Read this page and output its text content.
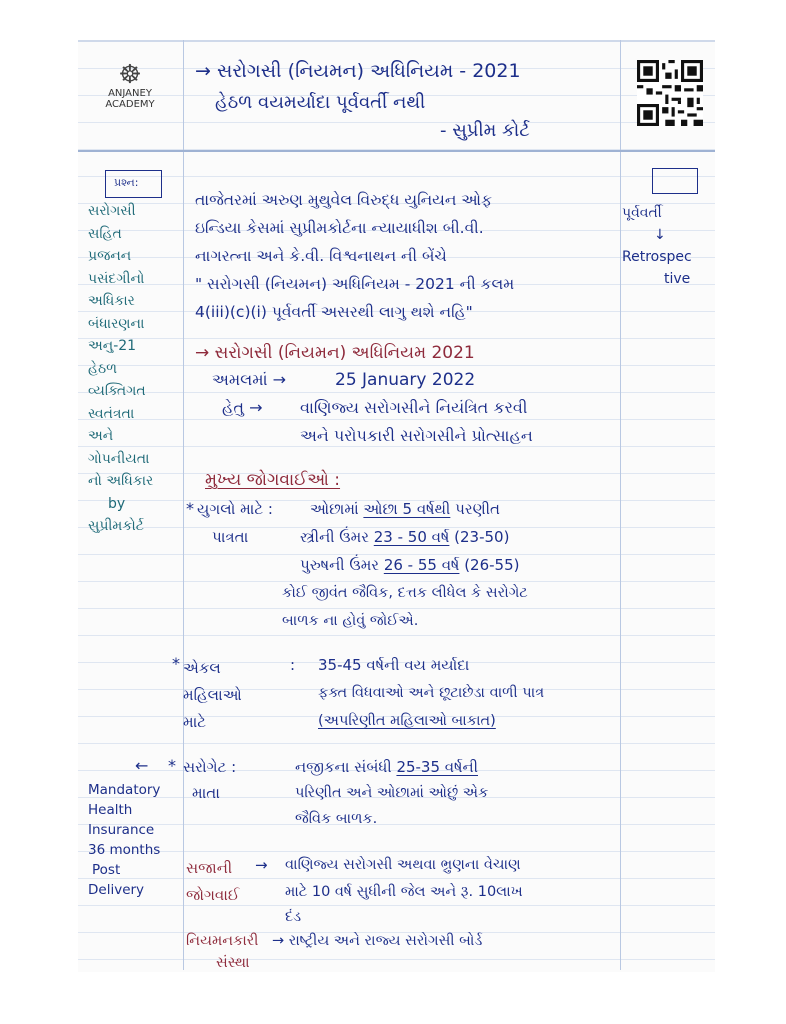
☸
ANJANEY
ACADEMY
→ સરોગસી (નિયમન) અધિનિયમ - 2021
હેઠળ વયમર્યાદા પૂર્વવર્તી નથી
- સુપ્રીમ કોર્ટ
પ્રશ્ન:
પૂર્વવર્તી
↓
Retrospec
tive
સરોગસી
સહિત
પ્રજનન
પસંદગીનો
અધિકાર
બંધારણના
અનુ-21
હેઠળ
વ્યક્તિગત
સ્વતંત્રતા
અને
ગોપનીયતા
નો અધિકાર
by
સુપ્રીમકોર્ટ
તાજેતરમાં અરુણ મુથુવેલ વિરુદ્ધ યુનિયન ઓફ
ઇન્ડિયા કેસમાં સુપ્રીમકોર્ટના ન્યાયાધીશ બી.વી.
નાગરત્ના અને કે.વી. વિશ્વનાથન ની બેંચે
" સરોગસી (નિયમન) અધિનિયમ - 2021 ની કલમ
4(iii)(c)(i) પૂર્વવર્તી અસરથી લાગુ થશે નહિ"
→ સરોગસી (નિયમન) અધિનિયમ 2021
અમલમાં →	25 January 2022
હેતુ → વાણિજ્ય સરોગસીને નિયંત્રિત કરવી
અને પરોપકારી સરોગસીને પ્રોત્સાહન
મુખ્ય જોગવાઈઓ :
* યુગલો માટે :
પાત્રતા
ઓછામાં ઓછા 5 વર્ષથી પરણીત
સ્ત્રીની ઉંમર 23 - 50 વર્ષ (23-50)
પુરુષની ઉંમર 26 - 55 વર્ષ (26-55)
કોઈ જીવંત જૈવિક, દત્તક લીધેલ કે સરોગેટ
બાળક ના હોવું જોઈએ.
* એકલ
મહિલાઓ
માટે
: 35-45 વર્ષની વય મર્યાદા
ફક્ત વિધવાઓ અને છૂટાછેડા વાળી પાત્ર
(અપરિણીત મહિલાઓ બાકાત)
* સરોગેટ :
માતા
નજીકના સંબંધી 25-35 વર્ષની
પરિણીત અને ઓછામાં ઓછું એક
જૈવિક બાળક.
સજાની
જોગવાઈ
→ વાણિજ્ય સરોગસી અથવા ભ્રુણના વેચાણ
માટે 10 વર્ષ સુધીની જેલ અને રૂ. 10લાખ
દંડ
નિયમનકારી
સંસ્થા
→ રાષ્ટ્રીય અને રાજ્ય સરોગસી બોર્ડ
←
Mandatory
Health
Insurance
36 months
Post
Delivery
